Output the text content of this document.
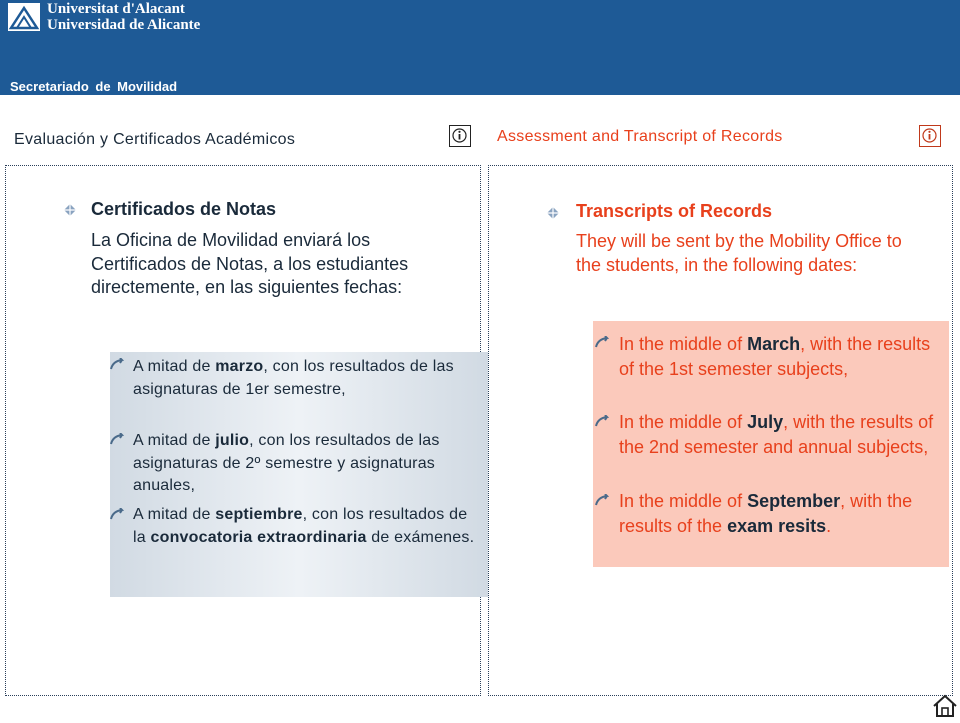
Universitat d'Alacant
Universidad de Alicante
Secretariado de Movilidad
Evaluación y Certificados Académicos	Assessment and Transcript of Records
Certificados de Notas
La Oficina de Movilidad enviará los Certificados de Notas, a los estudiantes directemente, en las siguientes fechas:
A mitad de marzo, con los resultados de las asignaturas de 1er semestre,
A mitad de julio, con los resultados de las asignaturas de 2º semestre y asignaturas anuales,
A mitad de septiembre, con los resultados de la convocatoria extraordinaria de exámenes.
Transcripts of Records
They will be sent by the Mobility Office to the students, in the following dates:
In the middle of March, with the results of the 1st semester subjects,
In the middle of July, with the results of the 2nd semester and annual subjects,
In the middle of September, with the results of the exam resits.
